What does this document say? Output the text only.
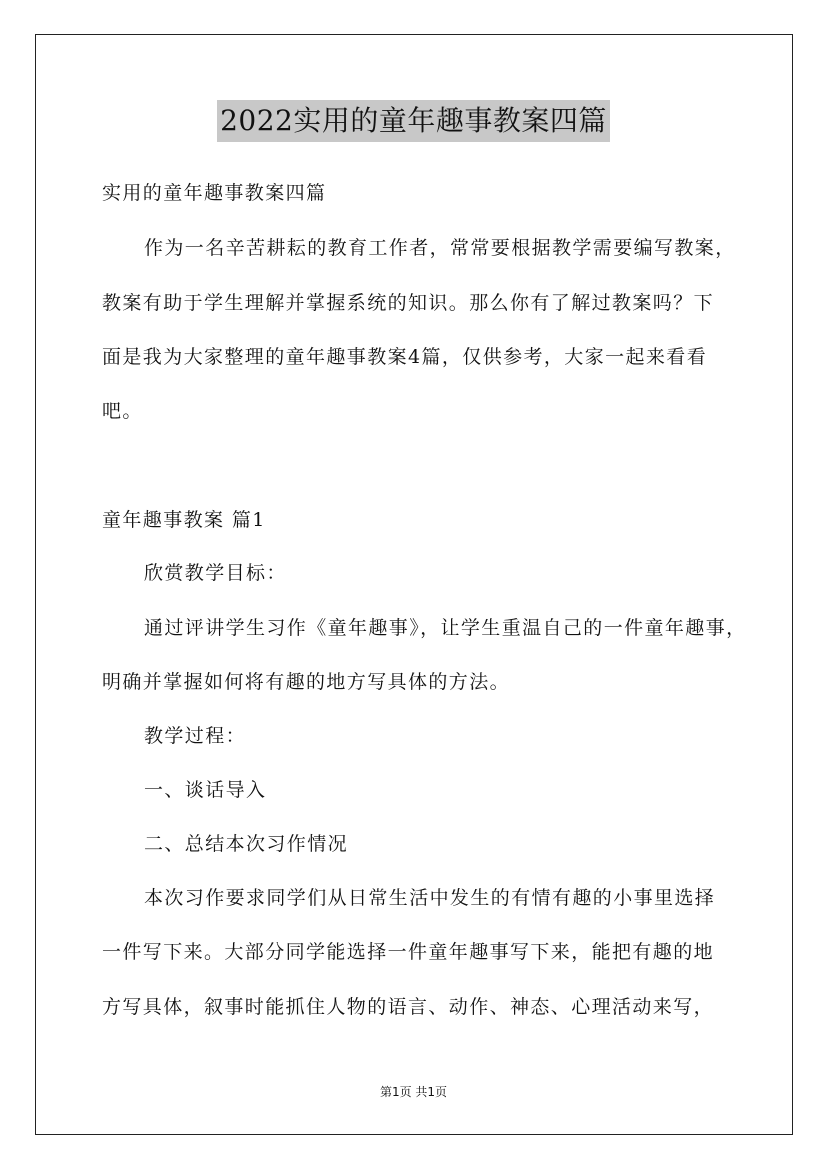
2022实用的童年趣事教案四篇
实用的童年趣事教案四篇
作为一名辛苦耕耘的教育工作者，常常要根据教学需要编写教案，
教案有助于学生理解并掌握系统的知识。那么你有了解过教案吗？下
面是我为大家整理的童年趣事教案4篇，仅供参考，大家一起来看看
吧。
童年趣事教案 篇1
欣赏教学目标：
通过评讲学生习作《童年趣事》，让学生重温自己的一件童年趣事，
明确并掌握如何将有趣的地方写具体的方法。
教学过程：
一、谈话导入
二、总结本次习作情况
本次习作要求同学们从日常生活中发生的有情有趣的小事里选择
一件写下来。大部分同学能选择一件童年趣事写下来，能把有趣的地
方写具体，叙事时能抓住人物的语言、动作、神态、心理活动来写，
第1页 共1页
